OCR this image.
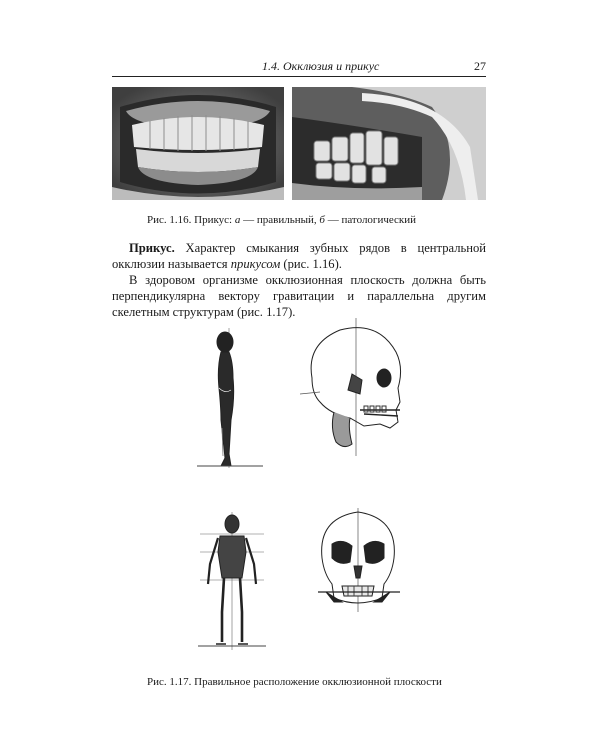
1.4. Окклюзия и прикус	27
Рис. 1.16. Прикус: а — правильный, б — патологический
Прикус. Характер смыкания зубных рядов в центральной окклюзии называется прикусом (рис. 1.16).
В здоровом организме окклюзионная плоскость должна быть перпендикулярна вектору гравитации и параллельна другим скелетным структурам (рис. 1.17).
Рис. 1.17. Правильное расположение окклюзионной плоскости
